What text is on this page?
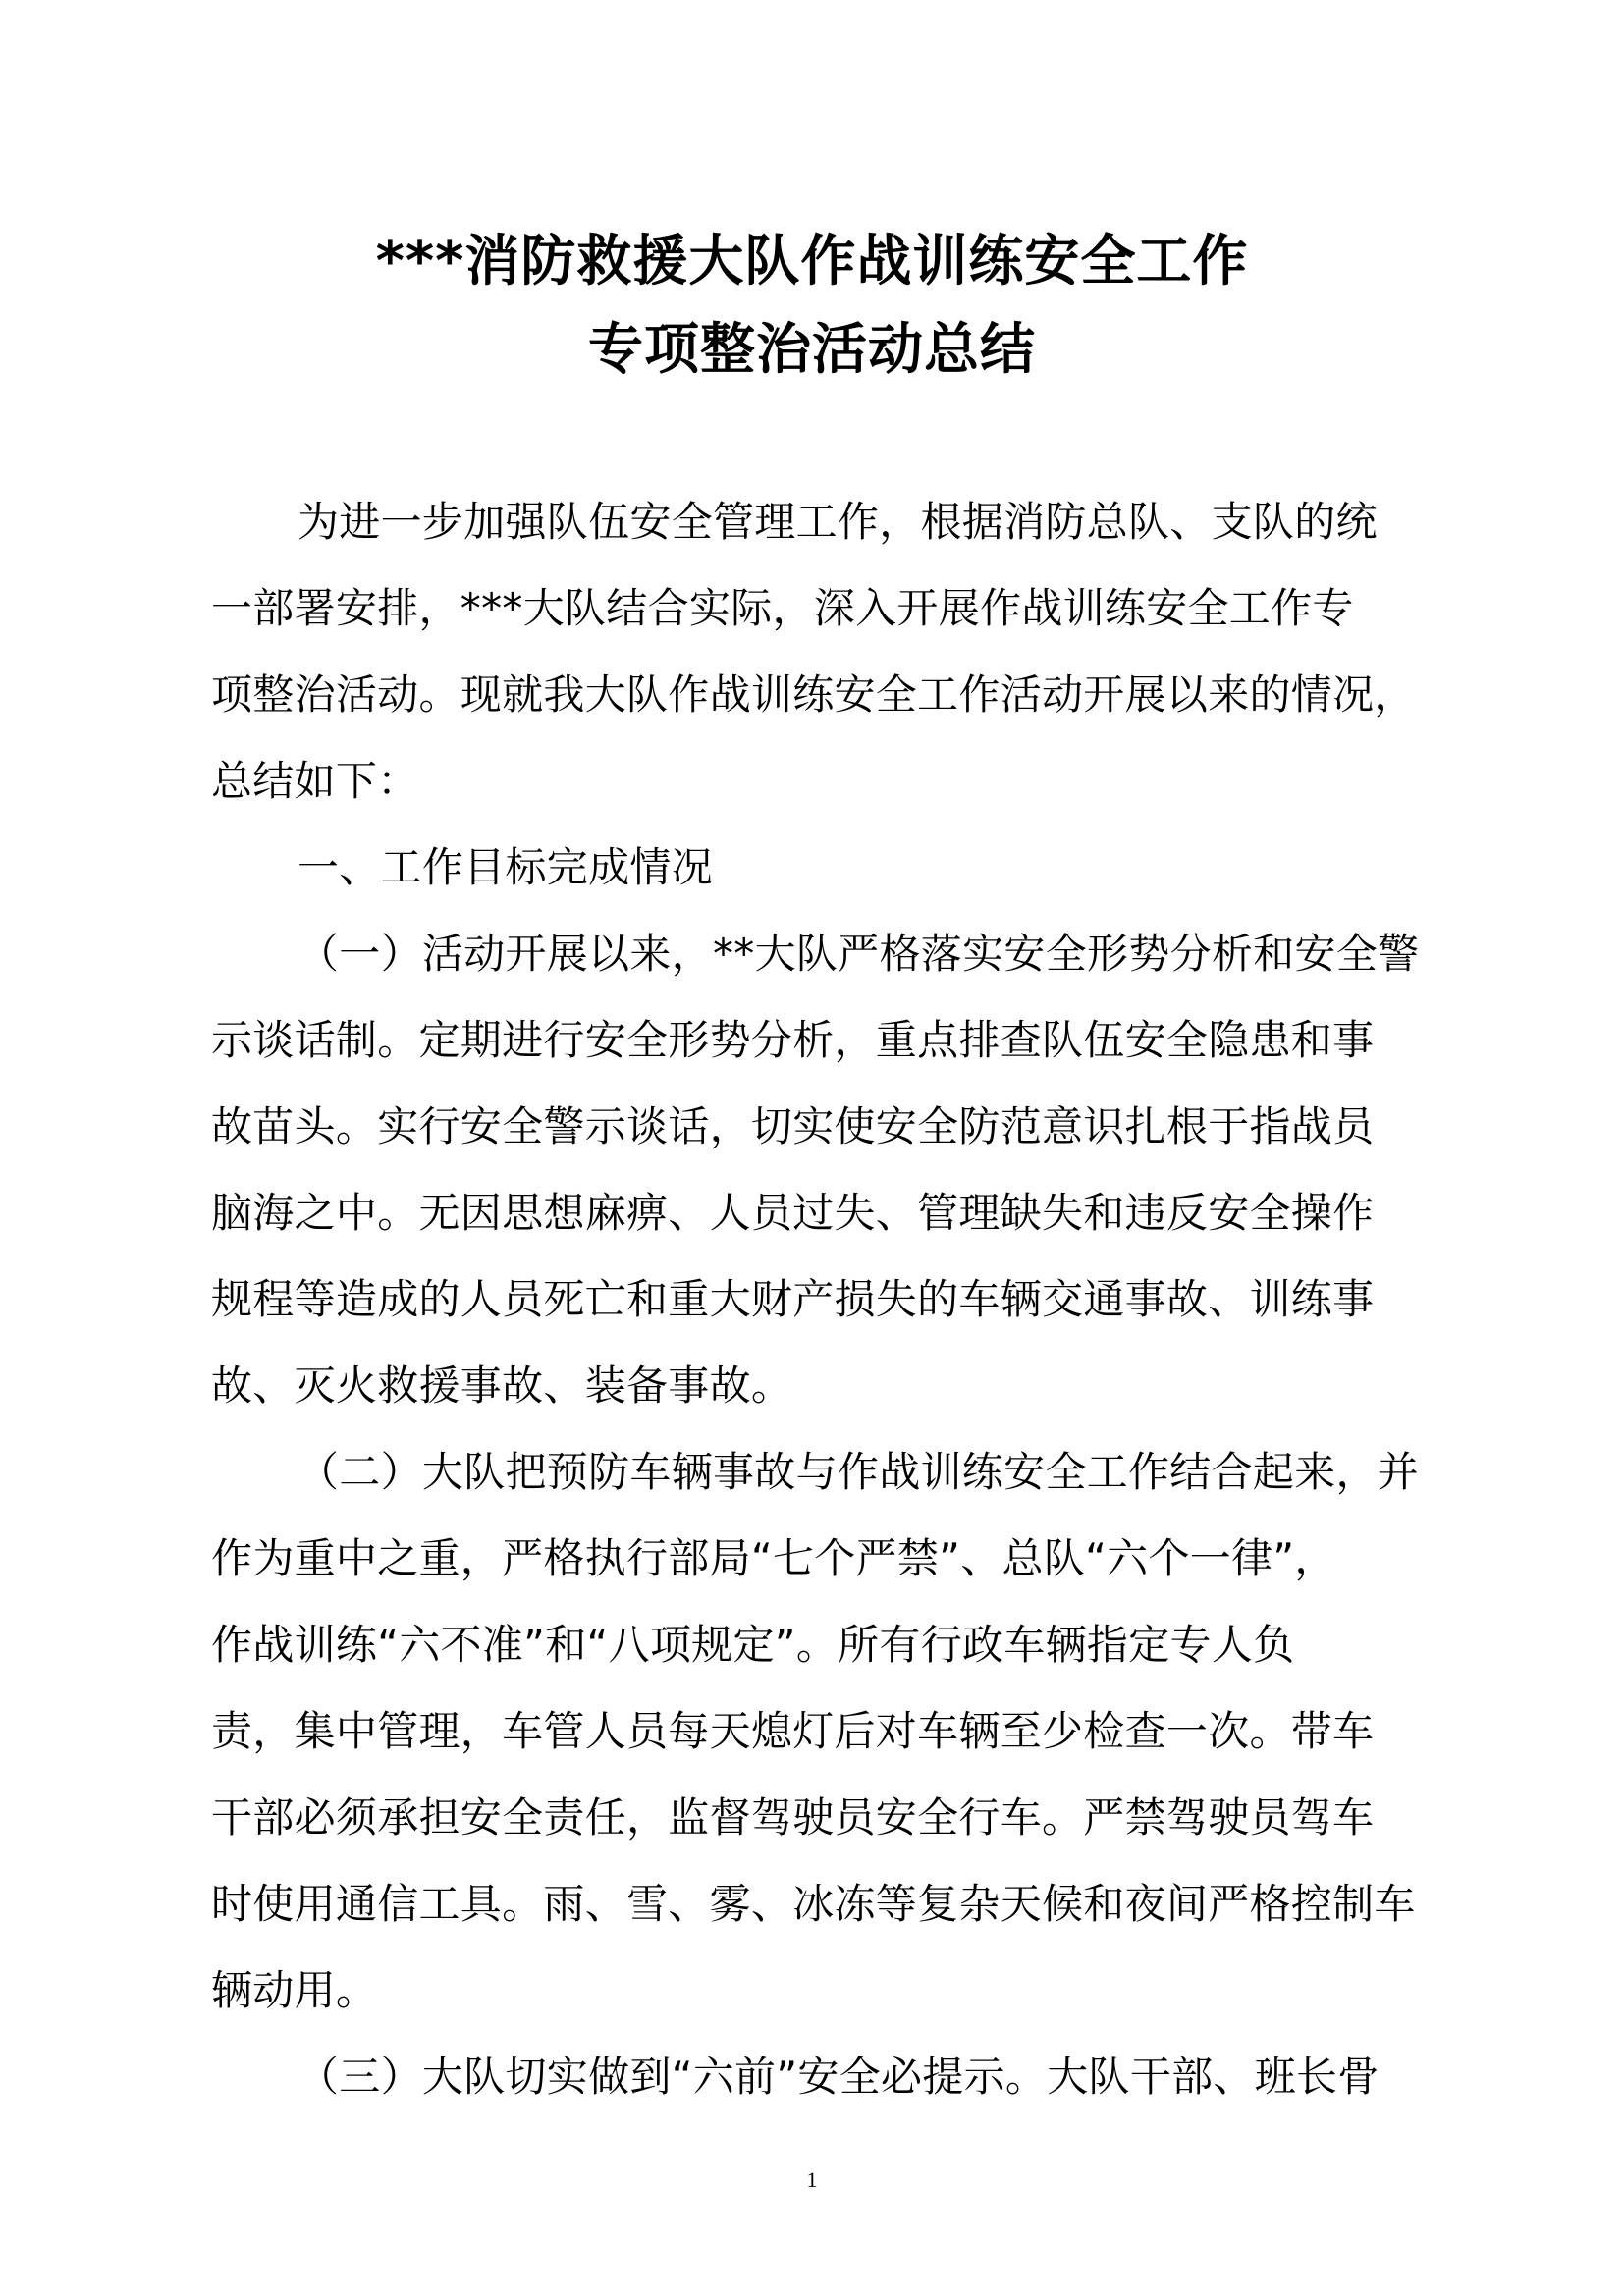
***消防救援大队作战训练安全工作
专项整治活动总结
为进一步加强队伍安全管理工作，根据消防总队、支队的统
一部署安排，***大队结合实际，深入开展作战训练安全工作专
项整治活动。现就我大队作战训练安全工作活动开展以来的情况，
总结如下：
一、工作目标完成情况
（一）活动开展以来，**大队严格落实安全形势分析和安全警
示谈话制。定期进行安全形势分析，重点排查队伍安全隐患和事
故苗头。实行安全警示谈话，切实使安全防范意识扎根于指战员
脑海之中。无因思想麻痹、人员过失、管理缺失和违反安全操作
规程等造成的人员死亡和重大财产损失的车辆交通事故、训练事
故、灭火救援事故、装备事故。
（二）大队把预防车辆事故与作战训练安全工作结合起来，并
作为重中之重，严格执行部局“七个严禁”、总队“六个一律”，
作战训练“六不准”和“八项规定”。所有行政车辆指定专人负
责，集中管理，车管人员每天熄灯后对车辆至少检查一次。带车
干部必须承担安全责任，监督驾驶员安全行车。严禁驾驶员驾车
时使用通信工具。雨、雪、雾、冰冻等复杂天候和夜间严格控制车
辆动用。
（三）大队切实做到“六前”安全必提示。大队干部、班长骨
1
